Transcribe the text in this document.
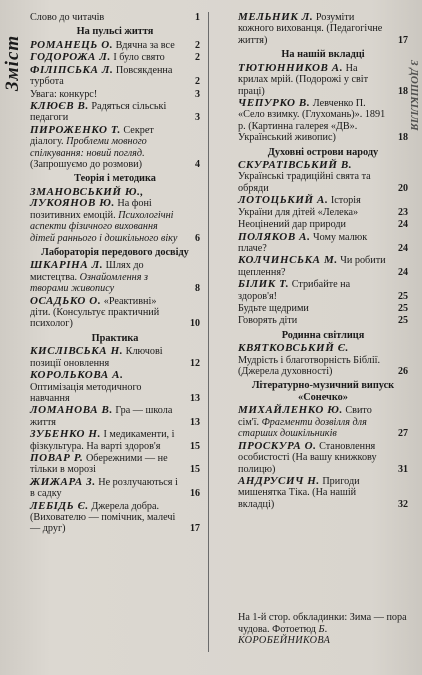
Зміст	З ДОШКІЛЛЯ
Слово до читачів	1
На пульсі життя
РОМАНЕЦЬ О. Вдячна за все 2
ГОДОРОЖА Л. І було свято	2
ФІЛІПСЬКА Л. Повсякденна турбота	2
Увага: конкурс!	3
КЛЮЄВ В. Радяться сільські педагоги	3
ПИРОЖЕНКО Т. Секрет діалогу. Проблеми мовного спілкування: новий погляд. (Запрошуємо до розмови)	4
Теорія і методика
ЗМАНОВСЬКИЙ Ю., ЛУКОЯНОВ Ю. На фоні позитивних емоцій. Психологічні аспекти фізичного виховання дітей раннього і дошкільного віку 6
Лабораторія передового досвіду
ШКАРІНА Л. Шлях до мистецтва. Ознайомлення з творами живопису	8
ОСАДЬКО О. «Реактивні» діти. (Консультує практичний психолог)	10
Практика
КИСЛІВСЬКА Н. Ключові позиції оновлення	12
КОРОЛЬКОВА А. Оптимізація методичного навчання	13
ЛОМАНОВА В. Гра — школа життя	13
ЗУБЕНКО Н. І медикаменти, і фізкультура. На варті здоров'я	15
ПОВАР Р. Обережними — не тільки в морозі	15
ЖИЖАРА З. Не розлучаються і в садку	16
ЛЕБІДЬ Є. Джерела добра. (Вихователю — помічник, малечі — друг)	17
МЕЛЬНИК Л. Розуміти кожного вихованця. (Педагогічне життя)	17
На нашій вкладці
ТЮТЮННИКОВ А. На крилах мрій. (Подорожі у світ праці)	18
ЧЕПУРКО В. Левченко П. «Село взимку. (Глухомань)». 1891 р. (Картинна галерея «ДВ». Український живопис)	18
Духовні острови народу
СКУРАТІВСЬКИЙ В. Українські традиційні свята та обряди	20
ЛОТОЦЬКИЙ А. Історія України для дітей «Лелека»	23
Неоцінений дар природи	24
ПОЛЯКОВ А. Чому малюк плаче?	24
КОЛЧИНСЬКА М. Чи робити щеплення?	24
БІЛИК Т. Стрибайте на здоров'я!	25
Будьте щедрими	25
Говорять діти	25
Родинна світлиця
КВЯТКОВСЬКИЙ Є. Мудрість і благотворність Біблії. (Джерела духовності)	26
Літературно-музичний випуск «Сонечко»
МИХАЙЛЕНКО Ю. Свито сім'ї. Фрагменти дозвілля для старших дошкільників	27
ПРОСКУРА О. Становлення особистості (На вашу книжкову полицю)	31
АНДРУСИЧ Н. Пригоди мишенятка Тіка. (На нашій вкладці)	32
На 1-й стор. обкладинки: Зима — пора чудова. Фотоетюд Б. КОРОБЕЙНИКОВА
